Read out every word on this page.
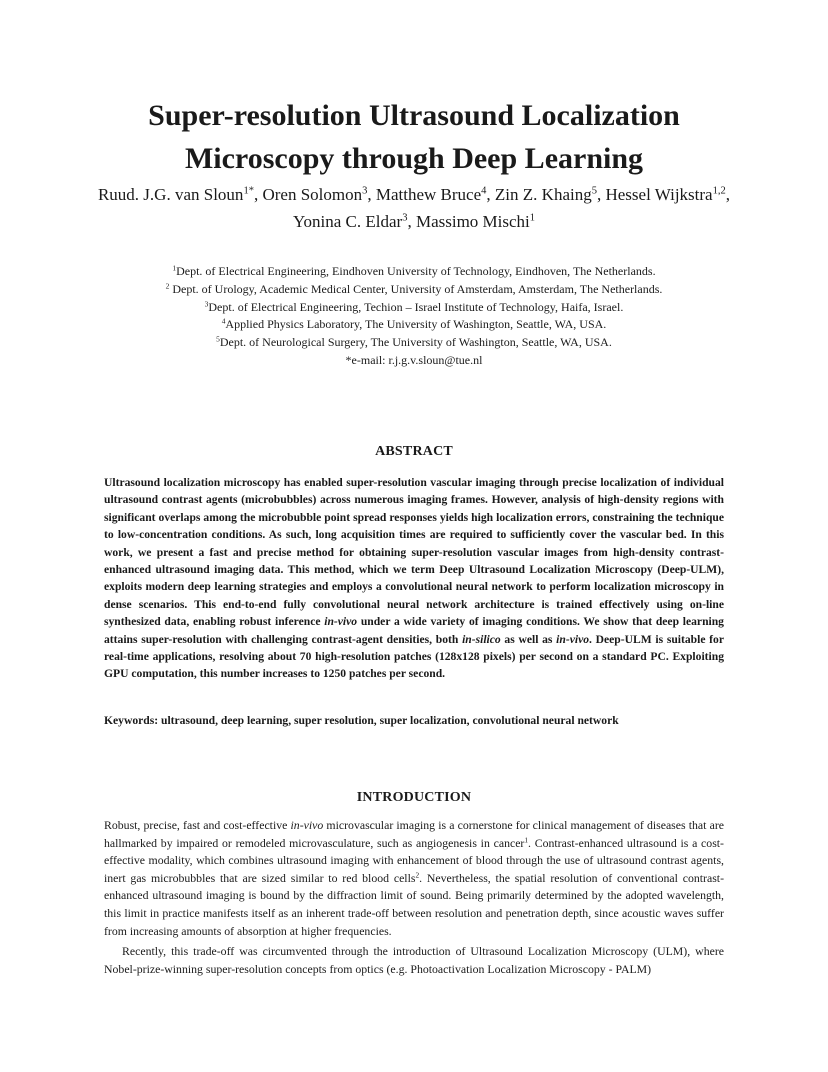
Super-resolution Ultrasound Localization
Microscopy through Deep Learning

Ruud. J.G. van Sloun$^{1*}$, Oren Solomon$^3$, Matthew Bruce$^4$, Zin Z. Khaing$^5$, Hessel Wijkstra$^{1,2}$, Yonina C. Eldar$^3$, Massimo Mischi$^1$

$^1$Dept. of Electrical Engineering, Eindhoven University of Technology, Eindhoven, The Netherlands.
$^2$ Dept. of Urology, Academic Medical Center, University of Amsterdam, Amsterdam, The Netherlands.
$^3$Dept. of Electrical Engineering, Techion – Israel Institute of Technology, Haifa, Israel.
$^4$Applied Physics Laboratory, The University of Washington, Seattle, WA, USA.
$^5$Dept. of Neurological Surgery, The University of Washington, Seattle, WA, USA.
*e-mail: r.j.g.v.sloun@tue.nl
ABSTRACT

Ultrasound localization microscopy has enabled super-resolution vascular imaging through precise localization of individual ultrasound contrast agents (microbubbles) across numerous imaging frames. However, analysis of high-density regions with significant overlaps among the microbubble point spread responses yields high localization errors, constraining the technique to low-concentration conditions. As such, long acquisition times are required to sufficiently cover the vascular bed. In this work, we present a fast and precise method for obtaining super-resolution vascular images from high-density contrast-enhanced ultrasound imaging data. This method, which we term Deep Ultrasound Localization Microscopy (Deep-ULM), exploits modern deep learning strategies and employs a convolutional neural network to perform localization microscopy in dense scenarios. This end-to-end fully convolutional neural network architecture is trained effectively using on-line synthesized data, enabling robust inference in-vivo under a wide variety of imaging conditions. We show that deep learning attains super-resolution with challenging contrast-agent densities, both in-silico as well as in-vivo. Deep-ULM is suitable for real-time applications, resolving about 70 high-resolution patches (128x128 pixels) per second on a standard PC. Exploiting GPU computation, this number increases to 1250 patches per second.

Keywords: ultrasound, deep learning, super resolution, super localization, convolutional neural network

INTRODUCTION

Robust, precise, fast and cost-effective in-vivo microvascular imaging is a cornerstone for clinical management of diseases that are hallmarked by impaired or remodeled microvasculature, such as angiogenesis in cancer$^1$. Contrast-enhanced ultrasound is a cost-effective modality, which combines ultrasound imaging with enhancement of blood through the use of ultrasound contrast agents, inert gas microbubbles that are sized similar to red blood cells$^2$. Nevertheless, the spatial resolution of conventional contrast-enhanced ultrasound imaging is bound by the diffraction limit of sound. Being primarily determined by the adopted wavelength, this limit in practice manifests itself as an inherent trade-off between resolution and penetration depth, since acoustic waves suffer from increasing amounts of absorption at higher frequencies.

Recently, this trade-off was circumvented through the introduction of Ultrasound Localization Microscopy (ULM), where Nobel-prize-winning super-resolution concepts from optics (e.g. Photoactivation Localization Microscopy - PALM)
